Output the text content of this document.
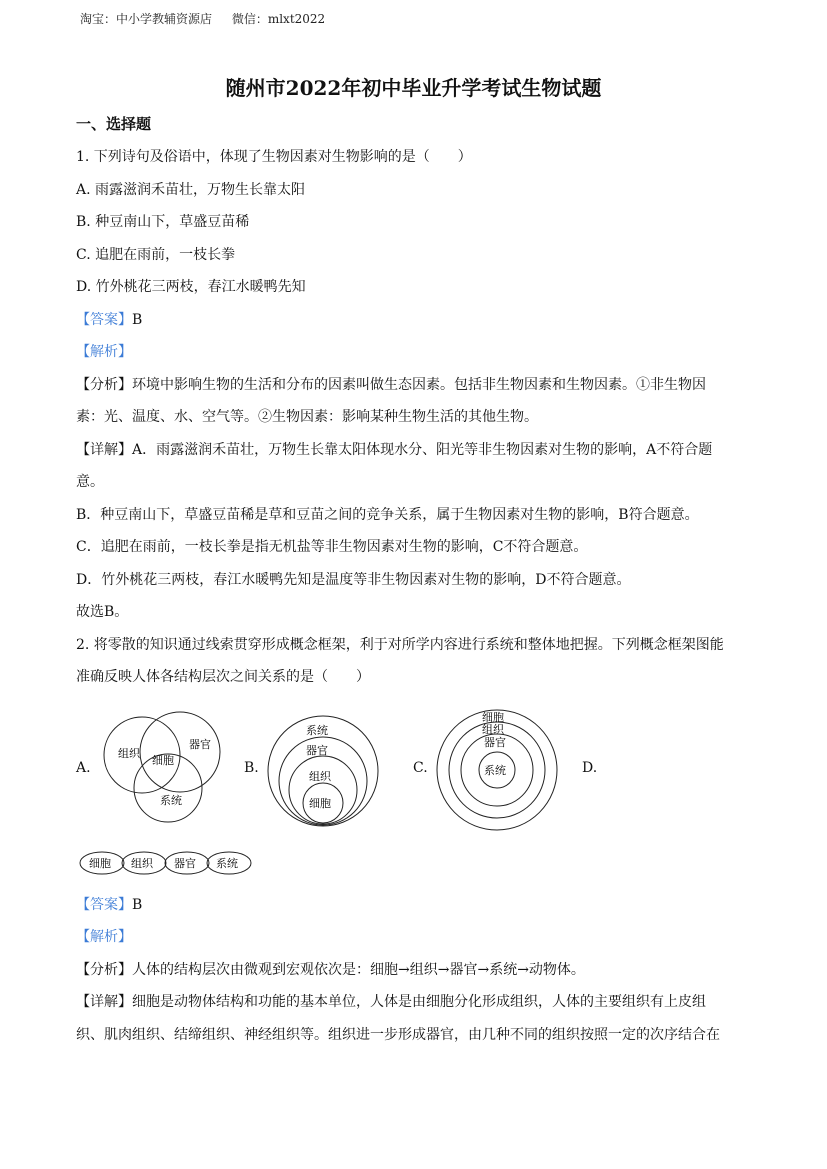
淘宝：中小学教辅资源店 微信：mlxt2022
随州市2022年初中毕业升学考试生物试题
一、选择题
1. 下列诗句及俗语中，体现了生物因素对生物影响的是（　　）
A. 雨露滋润禾苗壮，万物生长靠太阳
B. 种豆南山下，草盛豆苗稀
C. 追肥在雨前，一枝长拳
D. 竹外桃花三两枝，春江水暖鸭先知
【答案】B
【解析】
【分析】环境中影响生物的生活和分布的因素叫做生态因素。包括非生物因素和生物因素。①非生物因
素：光、温度、水、空气等。②生物因素：影响某种生物生活的其他生物。
【详解】A．雨露滋润禾苗壮，万物生长靠太阳体现水分、阳光等非生物因素对生物的影响，A不符合题
意。
B．种豆南山下，草盛豆苗稀是草和豆苗之间的竞争关系，属于生物因素对生物的影响，B符合题意。
C．追肥在雨前，一枝长拳是指无机盐等非生物因素对生物的影响，C不符合题意。
D．竹外桃花三两枝，春江水暖鸭先知是温度等非生物因素对生物的影响，D不符合题意。
故选B。
2. 将零散的知识通过线索贯穿形成概念框架，利于对所学内容进行系统和整体地把握。下列概念框架图能
准确反映人体各结构层次之间关系的是（　　）
A.	B.	C.	D.
组织
器官
细胞
系统
系统
器官
组织
细胞
细胞
组织
器官
系统
细胞 组织 器官 系统
【答案】B
【解析】
【分析】人体的结构层次由微观到宏观依次是：细胞→组织→器官→系统→动物体。
【详解】细胞是动物体结构和功能的基本单位，人体是由细胞分化形成组织，人体的主要组织有上皮组
织、肌肉组织、结缔组织、神经组织等。组织进一步形成器官，由几种不同的组织按照一定的次序结合在
